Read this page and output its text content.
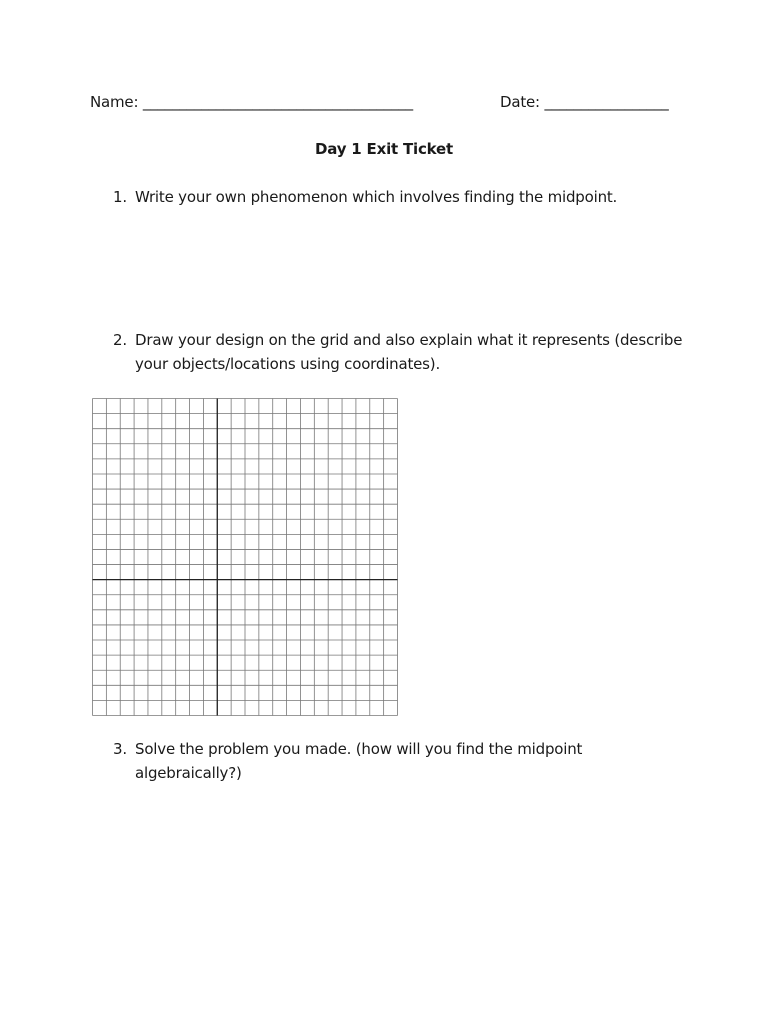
Name: _____________________________________	Date: _________________
Day 1 Exit Ticket
1. Write your own phenomenon which involves finding the midpoint.
2. Draw your design on the grid and also explain what it represents (describe your objects/locations using coordinates).
3. Solve the problem you made. (how will you find the midpoint algebraically?)
